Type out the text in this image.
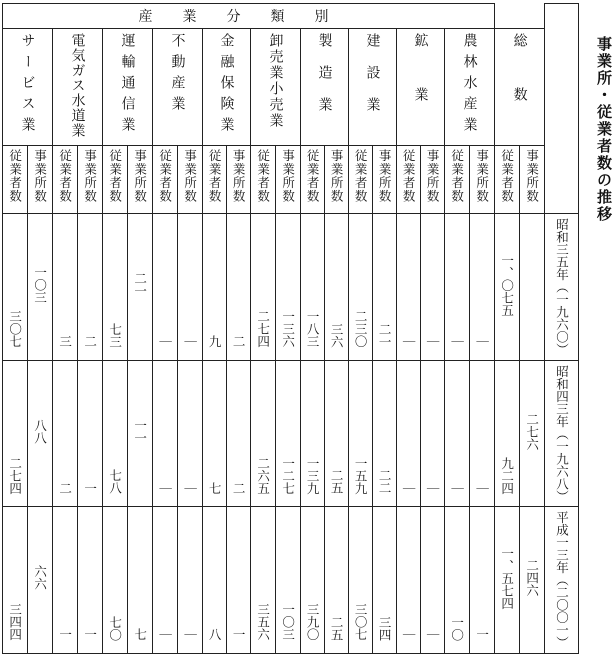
事業所・従業者数の推移
産業分類別																						
サービス業		電気ガス水道業		運輸通信業		不動産業		金融保険業		卸売業小売業		製造業		建設業		鉱業		農林水産業		総数		
従業者数	事業所数	従業者数	事業所数	従業者数	事業所数	従業者数	事業所数	従業者数	事業所数	従業者数	事業所数	従業者数	事業所数	従業者数	事業所数	従業者数	事業所数	従業者数	事業所数	従業者数	事業所数	
三〇七	一〇三	三	二	七三	二一	｜	｜	九	二	二七四	一三六	一八三	三六	二三〇	二一	｜	｜	｜	｜	一、〇七五			昭和三五年（一九六〇）
二七四	八八	二	一	七八	一一	｜	｜	七	二	二六五	一二七	一三九	二五	一五九	二二	｜	｜	｜	｜	九二四	二七六		昭和四三年（一九六八）
三四四	六六	一	一	七〇	七	｜	｜	八	一	三五六	一〇三	三九〇	二五	三〇七	三四	｜	｜	一〇	一	一、五七四	二四六		平成一三年（二〇〇一）
